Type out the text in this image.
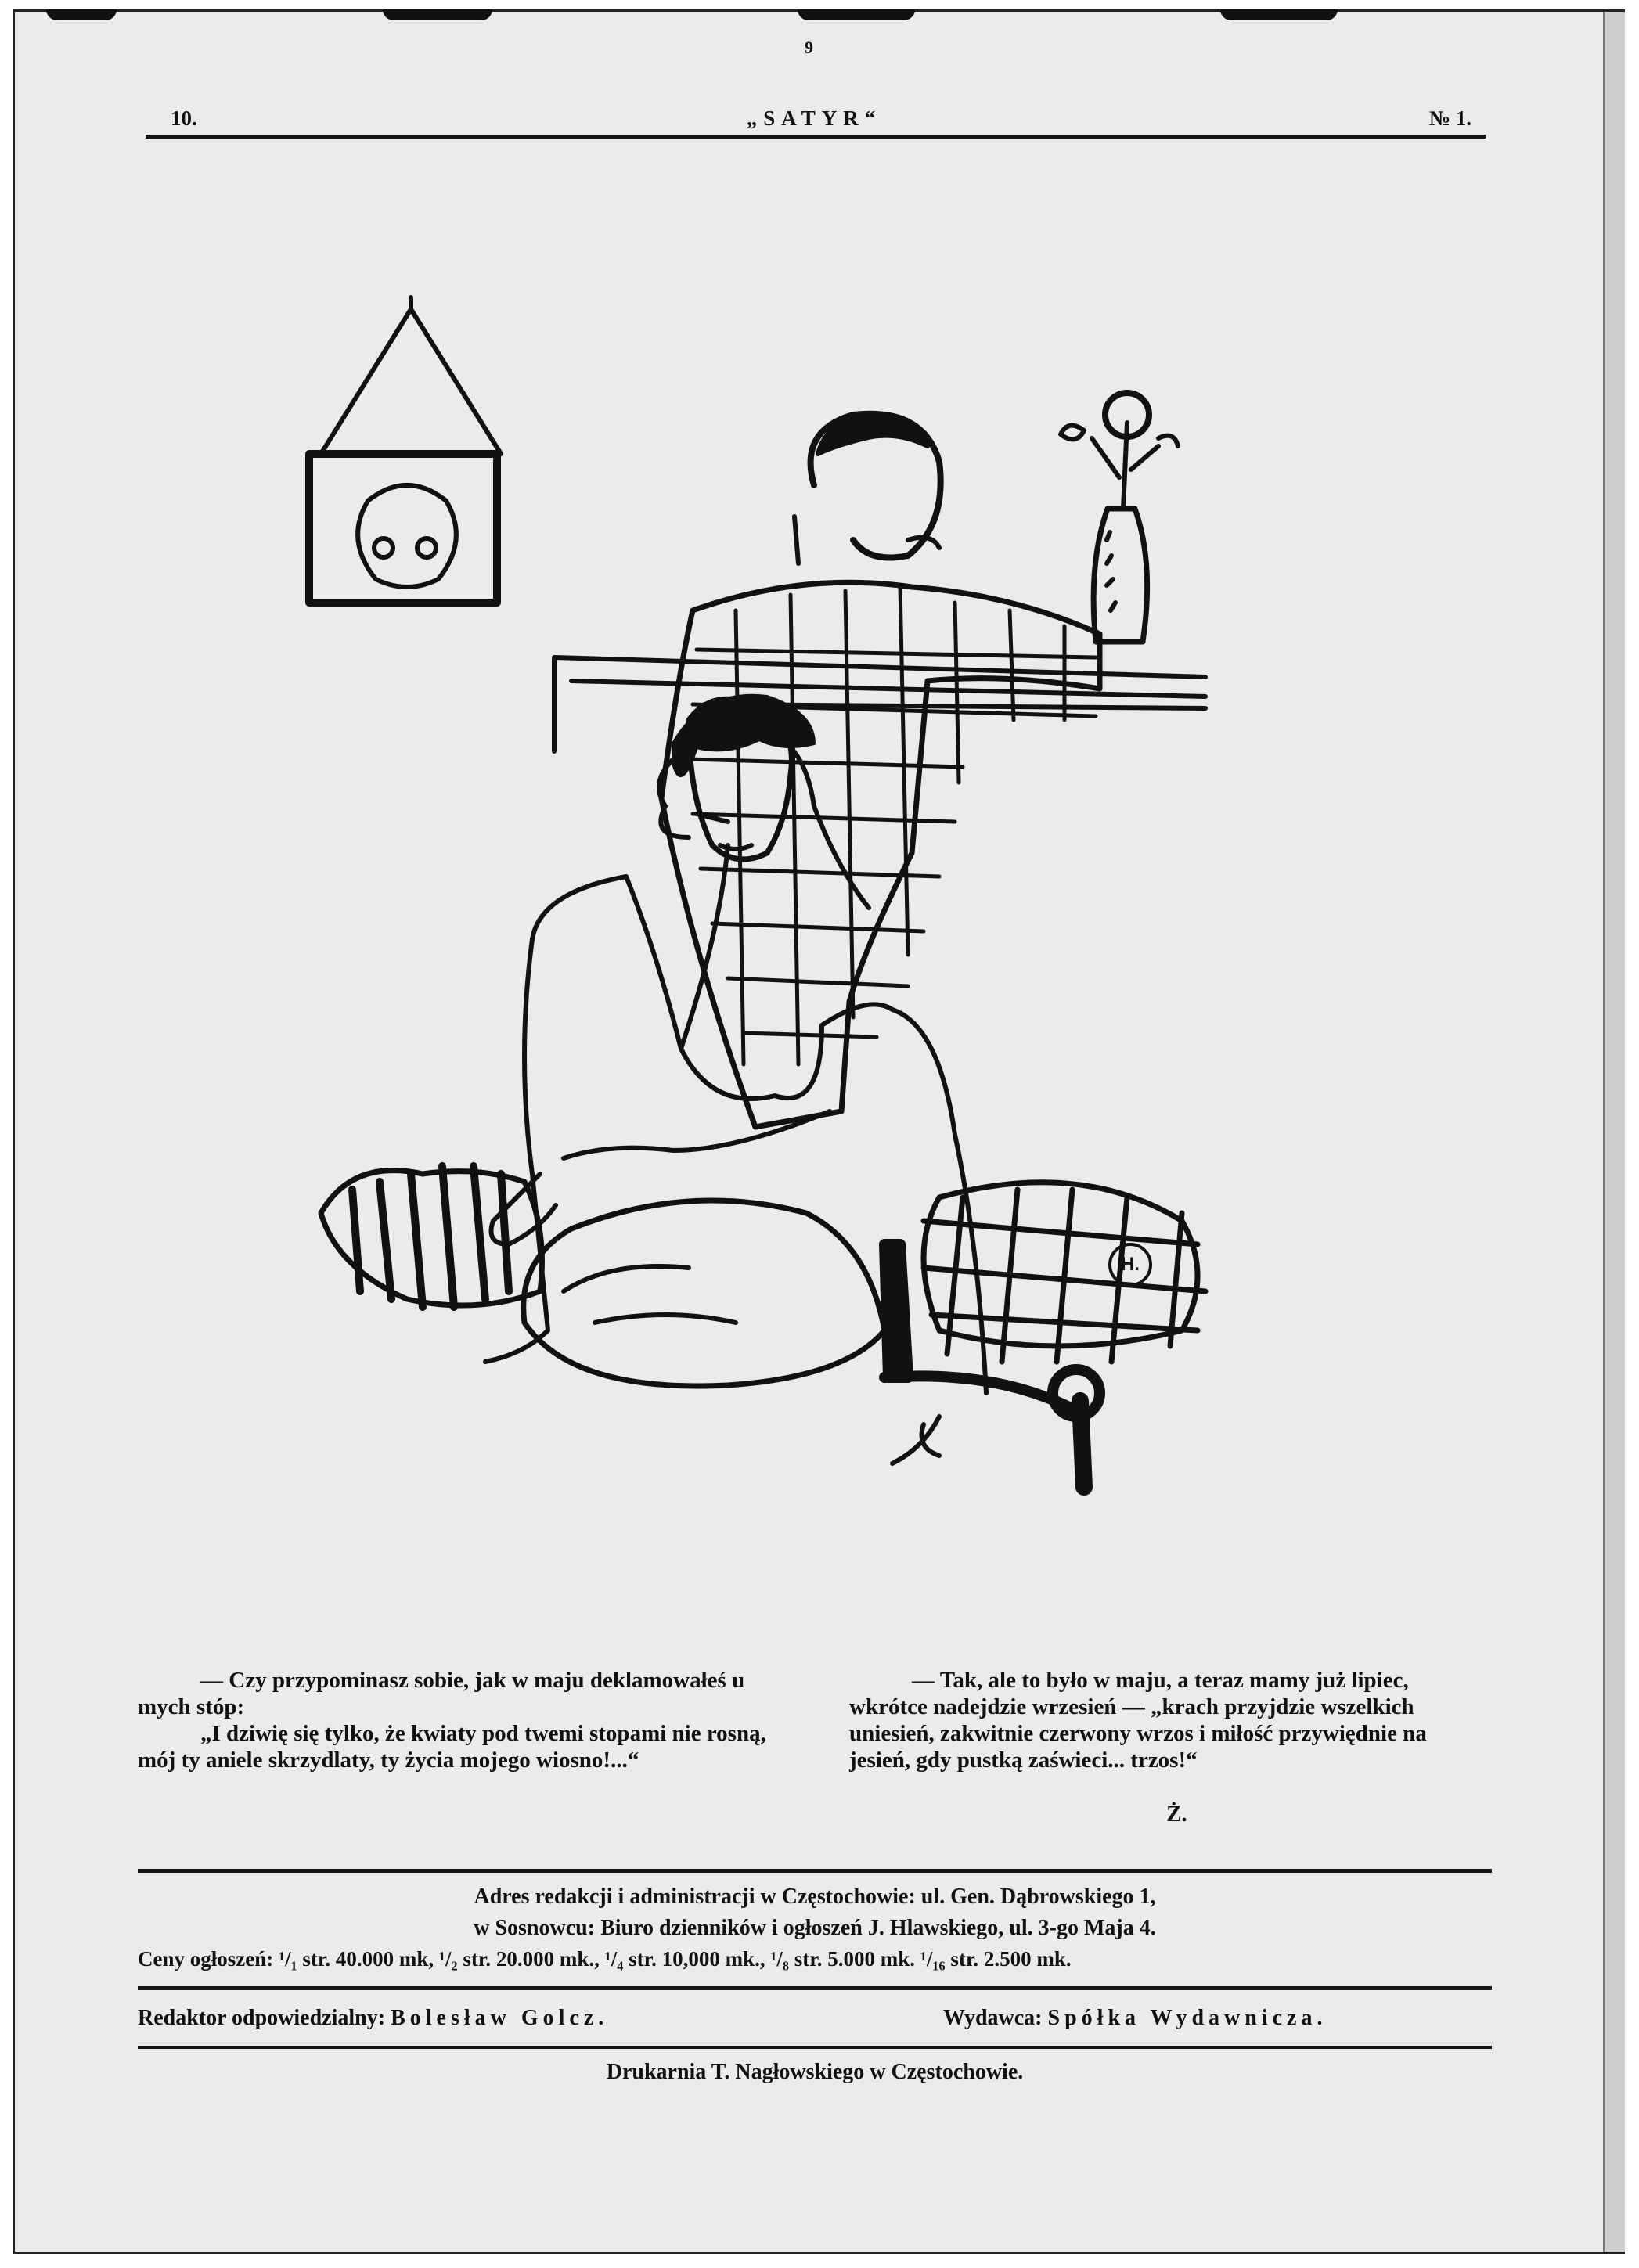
9
10.	„SATYR“	№ 1.
H.

— Czy przypominasz sobie, jak w maju deklamowałeś u mych stóp:

„I dziwię się tylko, że kwiaty pod twemi stopami nie rosną, mój ty aniele skrzydlaty, ty życia mojego wiosno!...“

— Tak, ale to było w maju, a teraz mamy już lipiec, wkrótce nadejdzie wrzesień — „krach przyjdzie wszelkich uniesień, zakwitnie czerwony wrzos i miłość przywiędnie na jesień, gdy pustką zaświeci... trzos!“

Ż.
Adres redakcji i administracji w Częstochowie: ul. Gen. Dąbrowskiego 1,
w Sosnowcu: Biuro dzienników i ogłoszeń J. Hlawskiego, ul. 3-go Maja 4.
Ceny ogłoszeń: ¹/₁ str. 40.000 mk, ¹/₂ str. 20.000 mk., ¹/₄ str. 10,000 mk., ¹/₈ str. 5.000 mk. ¹/₁₆ str. 2.500 mk.
Redaktor odpowiedzialny: Bolesław Golcz.	Wydawca: Spółka Wydawnicza.
Drukarnia T. Nagłowskiego w Częstochowie.
